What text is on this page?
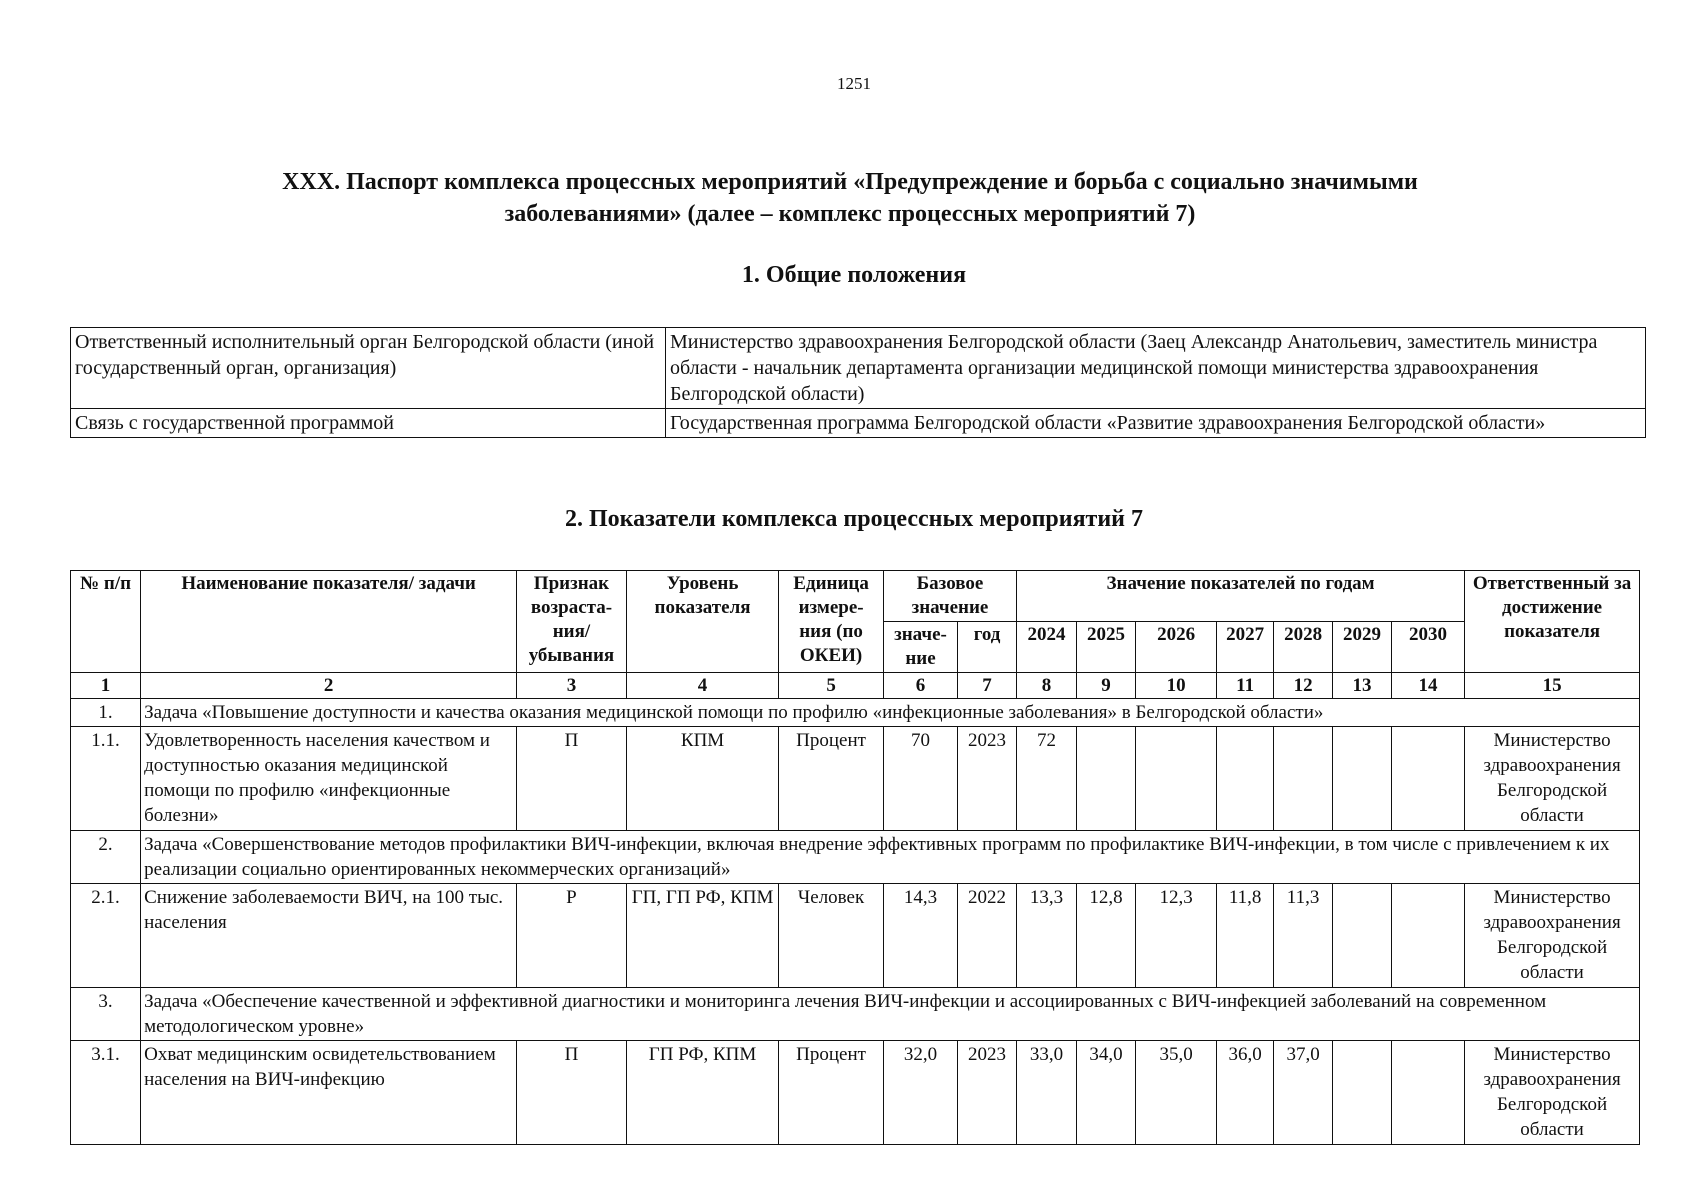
1251
XXX. Паспорт комплекса процессных мероприятий «Предупреждение и борьба с социально значимыми заболеваниями» (далее – комплекс процессных мероприятий 7)
1. Общие положения
Ответственный исполнительный орган Белгородской области (иной государственный орган, организация)	Министерство здравоохранения Белгородской области (Заец Александр Анатольевич, заместитель министра области - начальник департамента организации медицинской помощи министерства здравоохранения Белгородской области)
Связь с государственной программой	Государственная программа Белгородской области «Развитие здравоохранения Белгородской области»
2. Показатели комплекса процессных мероприятий 7
№ п/п	Наименование показателя/ задачи	Признак возраста- ния/ убывания	Уровень показателя	Единица измере- ния (по ОКЕИ)	Базовое значение		Значение показателей по годам							Ответственный за достижение показателя
					значе- ние	год	2024	2025	2026	2027	2028	2029	2030	
1	2	3	4	5	6	7	8	9	10	11	12	13	14	15
1.	Задача «Повышение доступности и качества оказания медицинской помощи по профилю «инфекционные заболевания» в Белгородской области»													
1.1.	Удовлетворенность населения качеством и доступностью оказания медицинской помощи по профилю «инфекционные болезни»	П	КПМ	Процент	70	2023	72							Министерство здравоохранения Белгородской области
2.	Задача «Совершенствование методов профилактики ВИЧ-инфекции, включая внедрение эффективных программ по профилактике ВИЧ-инфекции, в том числе с привлечением к их реализации социально ориентированных некоммерческих организаций»													
2.1.	Снижение заболеваемости ВИЧ, на 100 тыс. населения	Р	ГП, ГП РФ, КПМ	Человек	14,3	2022	13,3	12,8	12,3	11,8	11,3			Министерство здравоохранения Белгородской области
3.	Задача «Обеспечение качественной и эффективной диагностики и мониторинга лечения ВИЧ-инфекции и ассоциированных с ВИЧ-инфекцией заболеваний на современном методологическом уровне»													
3.1.	Охват медицинским освидетельствованием населения на ВИЧ-инфекцию	П	ГП РФ, КПМ	Процент	32,0	2023	33,0	34,0	35,0	36,0	37,0			Министерство здравоохранения Белгородской области
